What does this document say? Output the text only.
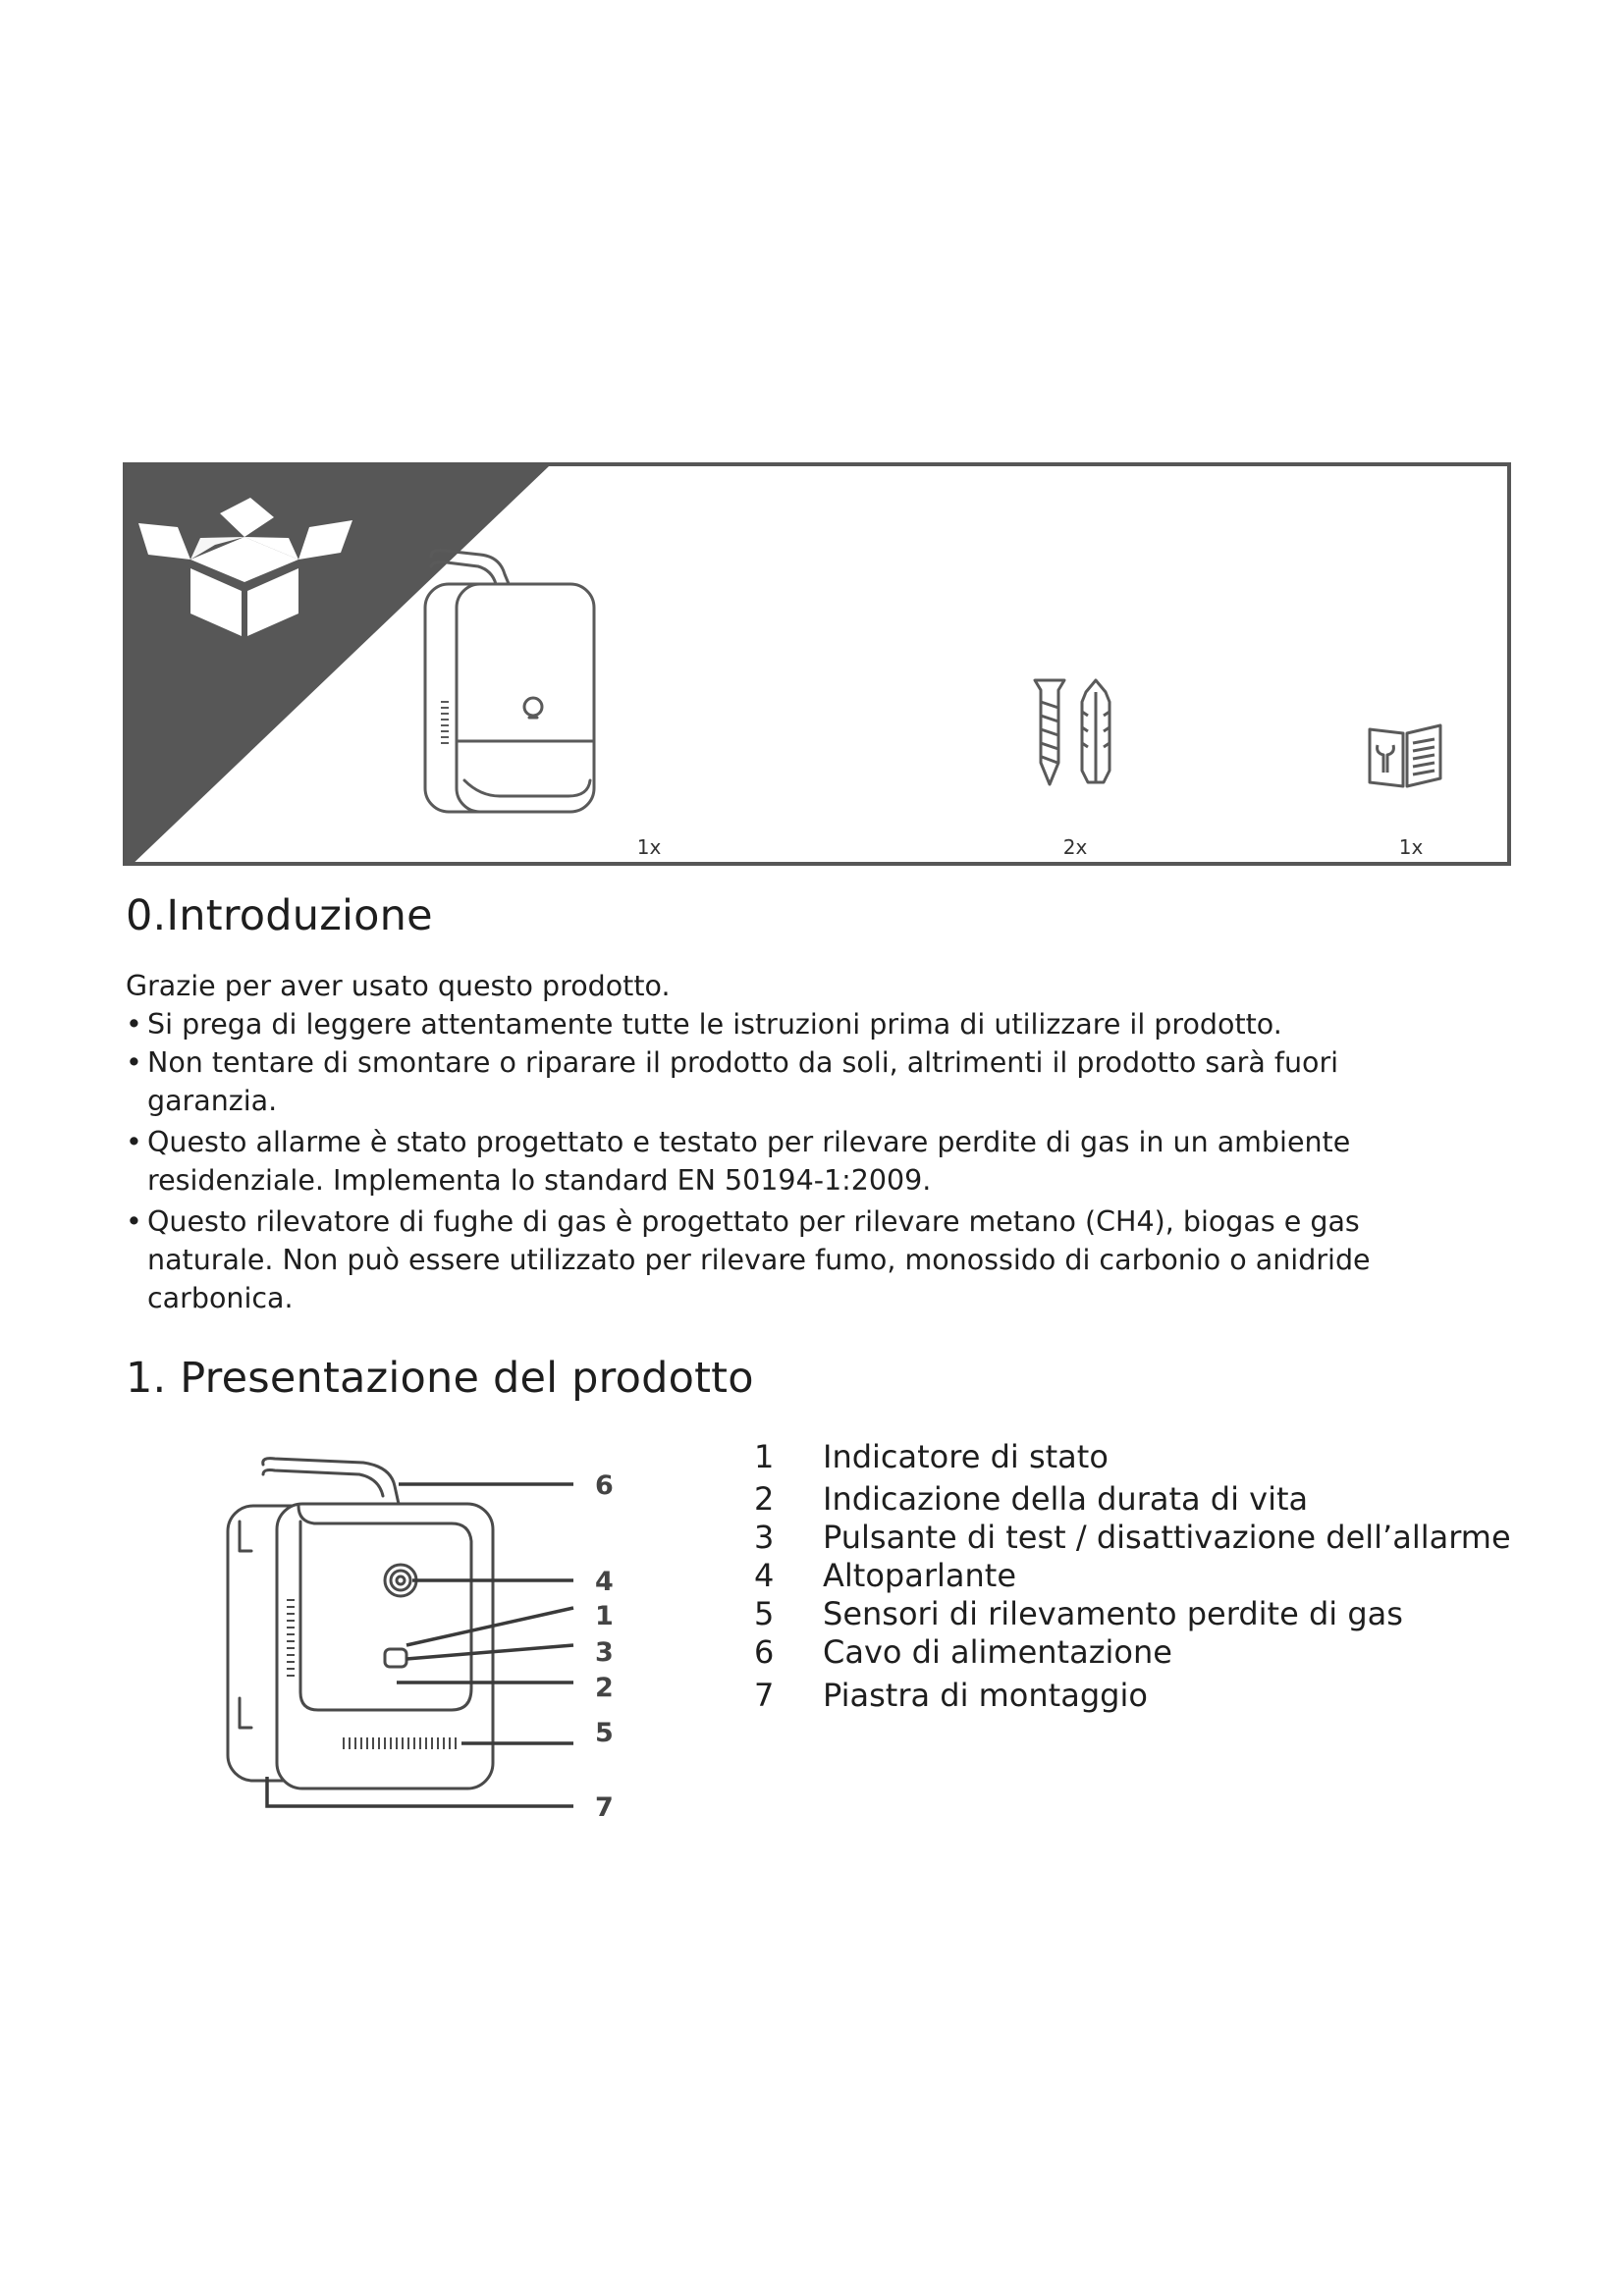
1x	2x	1x
0.Introduzione

Grazie per aver usato questo prodotto.

• Si prega di leggere attentamente tutte le istruzioni prima di utilizzare il prodotto.
• Non tentare di smontare o riparare il prodotto da soli, altrimenti il prodotto sarà fuori
garanzia.
• Questo allarme è stato progettato e testato per rilevare perdite di gas in un ambiente
residenziale. Implementa lo standard EN 50194-1:2009.
• Questo rilevatore di fughe di gas è progettato per rilevare metano (CH4), biogas e gas
naturale. Non può essere utilizzato per rilevare fumo, monossido di carbonio o anidride
carbonica.
1. Presentazione del prodotto
6
4
1
3
2
5
7
1	Indicatore di stato
2	Indicazione della durata di vita
3	Pulsante di test / disattivazione dell’allarme
4	Altoparlante
5	Sensori di rilevamento perdite di gas
6	Cavo di alimentazione
7	Piastra di montaggio
